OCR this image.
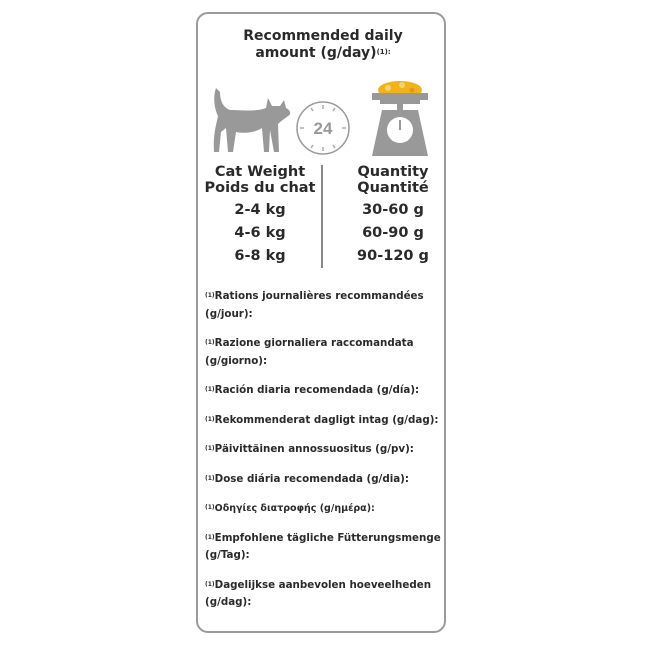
Recommended daily
amount $(g/day)^{(1):}$
24
Cat Weight
Poids du chat
2-4 kg
4-6 kg
6-8 kg
Quantity
Quantité
30-60 g
60-90 g
90-120 g
$^{(1)}$Rations journalières recommandées (g/jour):
$^{(1)}$Razione giornaliera raccomandata (g/giorno):
$^{(1)}$Ración diaria recomendada (g/día):
$^{(1)}$Rekommenderat dagligt intag (g/dag):
$^{(1)}$Päivittäinen annossuositus (g/pv):
$^{(1)}$Dose diária recomendada (g/dia):
$^{(1)}$Οδηγίες διατροφής (g/ημέρα):
$^{(1)}$Empfohlene tägliche Fütterungsmenge (g/Tag):
$^{(1)}$Dagelijkse aanbevolen hoeveelheden (g/dag):
